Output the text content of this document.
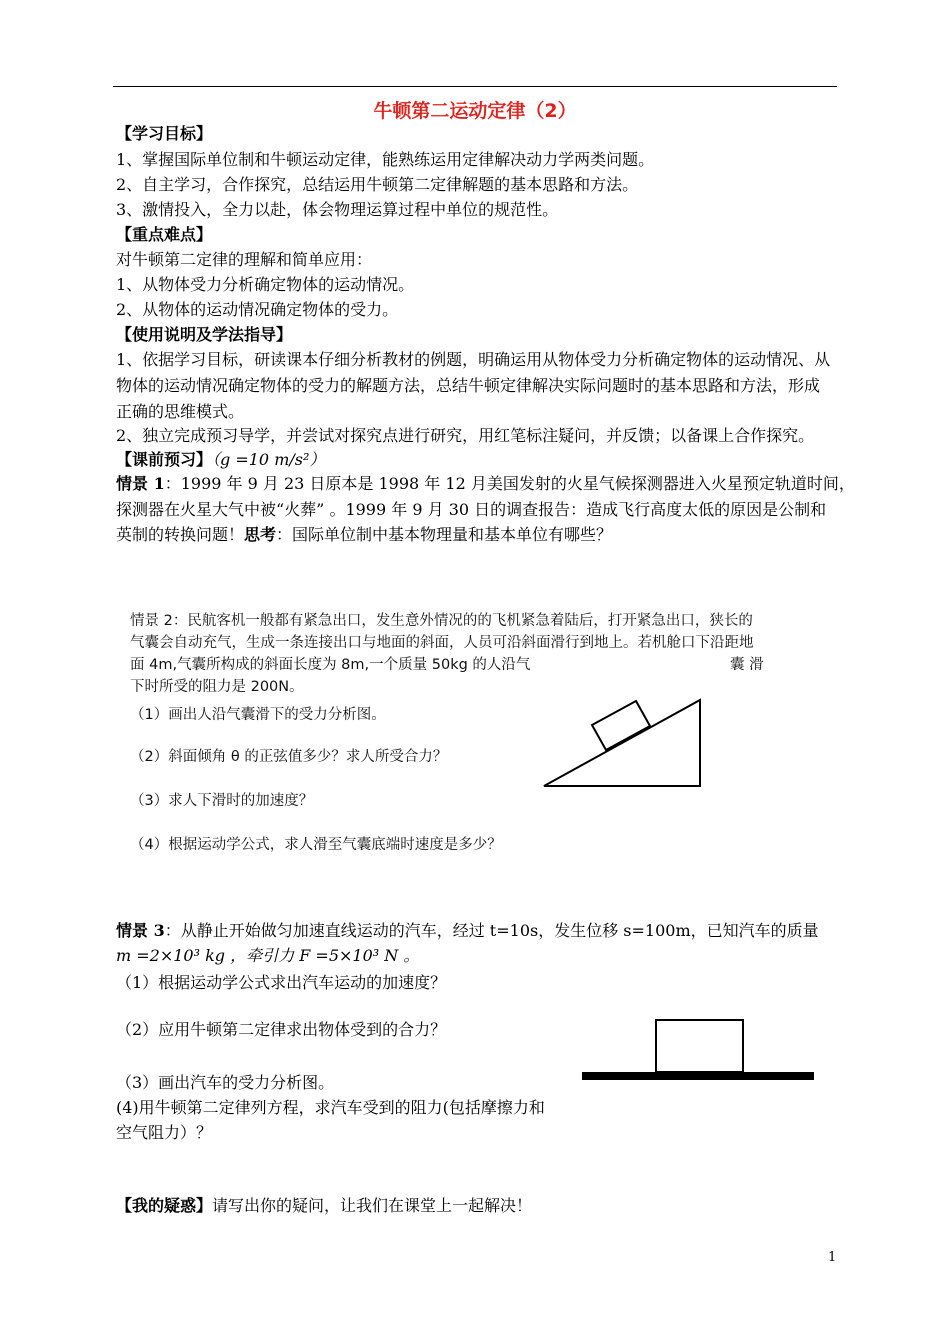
牛顿第二运动定律（2）
【学习目标】
1、掌握国际单位制和牛顿运动定律，能熟练运用定律解决动力学两类问题。
2、自主学习，合作探究，总结运用牛顿第二定律解题的基本思路和方法。
3、激情投入，全力以赴，体会物理运算过程中单位的规范性。
【重点难点】
对牛顿第二定律的理解和简单应用：
1、从物体受力分析确定物体的运动情况。
2、从物体的运动情况确定物体的受力。
【使用说明及学法指导】
1、依据学习目标，研读课本仔细分析教材的例题，明确运用从物体受力分析确定物体的运动情况、从
物体的运动情况确定物体的受力的解题方法，总结牛顿定律解决实际问题时的基本思路和方法，形成
正确的思维模式。
2、独立完成预习导学，并尝试对探究点进行研究，用红笔标注疑问，并反馈；以备课上合作探究。
【课前预习】（g =10 m/s²）
情景 1：1999 年 9 月 23 日原本是 1998 年 12 月美国发射的火星气候探测器进入火星预定轨道时间，
探测器在火星大气中被“火葬” 。1999 年 9 月 30 日的调查报告：造成飞行高度太低的原因是公制和
英制的转换问题！思考：国际单位制中基本物理量和基本单位有哪些？
情景 2：民航客机一般都有紧急出口，发生意外情况的的飞机紧急着陆后，打开紧急出口，狭长的
气囊会自动充气，生成一条连接出口与地面的斜面，人员可沿斜面滑行到地上。若机舱口下沿距地
面 4m,气囊所构成的斜面长度为 8m,一个质量 50kg 的人沿气	囊 滑
下时所受的阻力是 200N。
（1）画出人沿气囊滑下的受力分析图。
（2）斜面倾角 θ 的正弦值多少？求人所受合力？
（3）求人下滑时的加速度？
（4）根据运动学公式，求人滑至气囊底端时速度是多少？
情景 3：从静止开始做匀加速直线运动的汽车，经过 t=10s，发生位移 s=100m，已知汽车的质量
m =2×10³ kg ，牵引力 F =5×10³ N 。
（1）根据运动学公式求出汽车运动的加速度？
（2）应用牛顿第二定律求出物体受到的合力？
（3）画出汽车的受力分析图。
(4)用牛顿第二定律列方程，求汽车受到的阻力(包括摩擦力和
空气阻力）？
【我的疑惑】请写出你的疑问，让我们在课堂上一起解决！
1
